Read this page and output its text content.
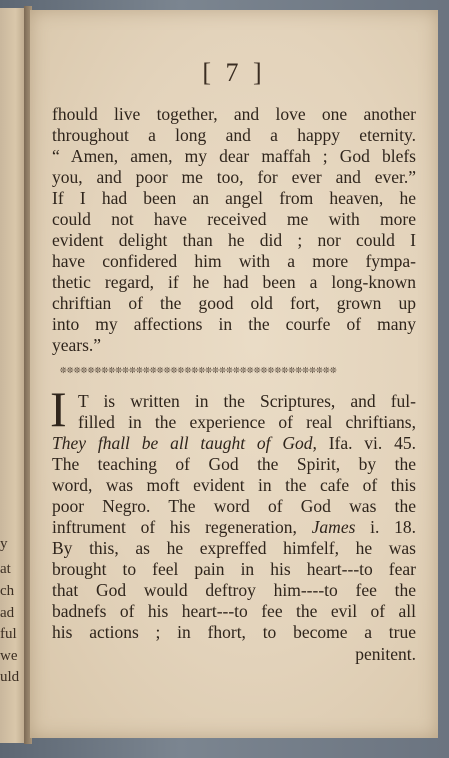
y
at
ch
ad
ful
we
uld
[ 7 ]
fhould live together, and love one another
throughout a long and a happy eternity.
“ Amen, amen, my dear maffah ; God blefs
you, and poor me too, for ever and ever.”
If I had been an angel from heaven, he
could not have received me with more
evident delight than he did ; nor could I
have confidered him with a more fympa-
thetic regard, if he had been a long-known
chriftian of the good old fort, grown up
into my affections in the courfe of many
years.”
❊❊❊❊❊❊❊❊❊❊❊❊❊❊❊❊❊❊❊❊❊❊❊❊❊❊❊❊❊❊❊❊❊❊❊❊❊❊❊❊
I T is written in the Scriptures, and ful-
filled in the experience of real chriftians,
They fhall be all taught of God, Ifa. vi. 45.
The teaching of God the Spirit, by the
word, was moft evident in the cafe of this
poor Negro. The word of God was the
inftrument of his regeneration, James i. 18.
By this, as he expreffed himfelf, he was
brought to feel pain in his heart---to fear
that God would deftroy him----to fee the
badnefs of his heart---to fee the evil of all
his actions ; in fhort, to become a true
penitent.
